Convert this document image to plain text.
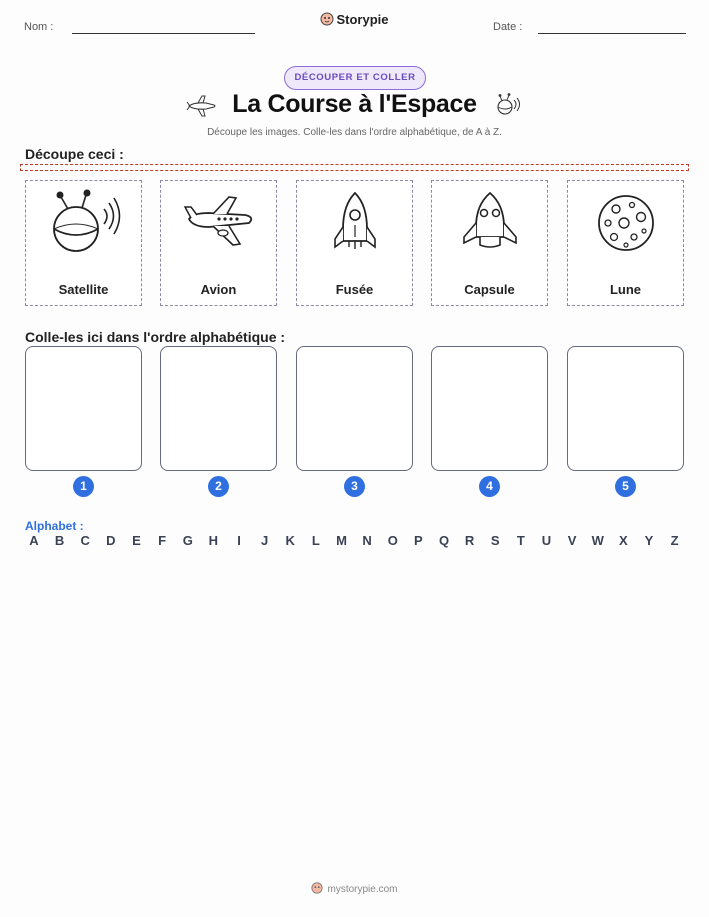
Nom :	Storypie	Date :
DÉCOUPER ET COLLER
La Course à l'Espace
Découpe les images. Colle-les dans l'ordre alphabétique, de A à Z.
Découpe ceci :
Satellite	Avion	Fusée	Capsule	Lune
Colle-les ici dans l'ordre alphabétique :
1	2	3	4	5
Alphabet :
A	B	C	D	E	F	G	H	I	J	K	L	M	N	O	P	Q	R	S	T	U	V	W	X	Y	Z
mystorypie.com
